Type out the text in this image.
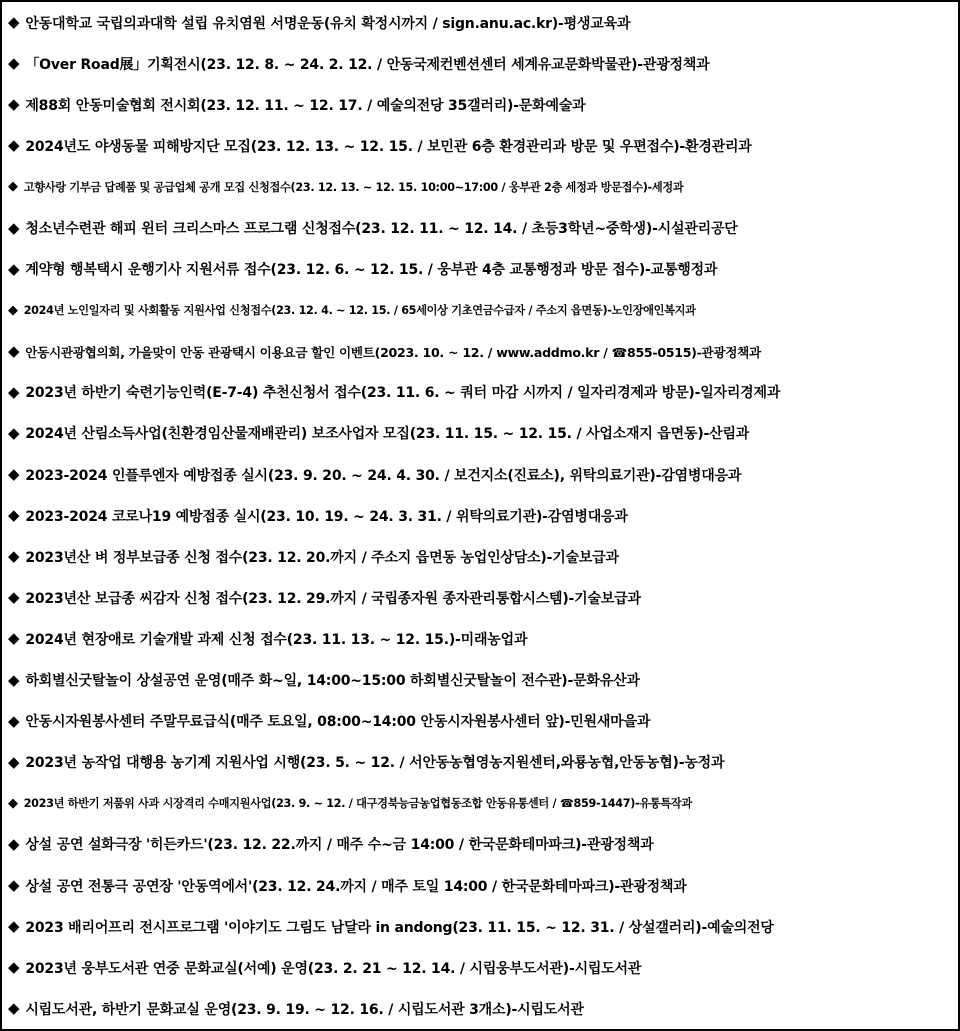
◆ 안동대학교 국립의과대학 설립 유치염원 서명운동(유치 확정시까지 / sign.anu.ac.kr)-평생교육과
◆ 「Over Road展」기획전시(23. 12. 8. ~ 24. 2. 12. / 안동국제컨벤션센터 세계유교문화박물관)-관광정책과
◆ 제88회 안동미술협회 전시회(23. 12. 11. ~ 12. 17. / 예술의전당 35갤러리)-문화예술과
◆ 2024년도 야생동물 피해방지단 모집(23. 12. 13. ~ 12. 15. / 보민관 6층 환경관리과 방문 및 우편접수)-환경관리과
◆ 고향사랑 기부금 답례품 및 공급업체 공개 모집 신청접수(23. 12. 13. ~ 12. 15. 10:00~17:00 / 웅부관 2층 세정과 방문접수)-세정과
◆ 청소년수련관 해피 윈터 크리스마스 프로그램 신청접수(23. 12. 11. ~ 12. 14. / 초등3학년~중학생)-시설관리공단
◆ 계약형 행복택시 운행기사 지원서류 접수(23. 12. 6. ~ 12. 15. / 웅부관 4층 교통행정과 방문 접수)-교통행정과
◆ 2024년 노인일자리 및 사회활동 지원사업 신청접수(23. 12. 4. ~ 12. 15. / 65세이상 기초연금수급자 / 주소지 읍면동)-노인장애인복지과
◆ 안동시관광협의회, 가을맞이 안동 관광택시 이용요금 할인 이벤트(2023. 10. ~ 12. / www.addmo.kr / ☎855-0515)-관광정책과
◆ 2023년 하반기 숙련기능인력(E-7-4) 추천신청서 접수(23. 11. 6. ~ 쿼터 마감 시까지 / 일자리경제과 방문)-일자리경제과
◆ 2024년 산림소득사업(친환경임산물재배관리) 보조사업자 모집(23. 11. 15. ~ 12. 15. / 사업소재지 읍면동)-산림과
◆ 2023-2024 인플루엔자 예방접종 실시(23. 9. 20. ~ 24. 4. 30. / 보건지소(진료소), 위탁의료기관)-감염병대응과
◆ 2023-2024 코로나19 예방접종 실시(23. 10. 19. ~ 24. 3. 31. / 위탁의료기관)-감염병대응과
◆ 2023년산 벼 정부보급종 신청 접수(23. 12. 20.까지 / 주소지 읍면동 농업인상담소)-기술보급과
◆ 2023년산 보급종 씨감자 신청 접수(23. 12. 29.까지 / 국립종자원 종자관리통합시스템)-기술보급과
◆ 2024년 현장애로 기술개발 과제 신청 접수(23. 11. 13. ~ 12. 15.)-미래농업과
◆ 하회별신굿탈놀이 상설공연 운영(매주 화~일, 14:00~15:00 하회별신굿탈놀이 전수관)-문화유산과
◆ 안동시자원봉사센터 주말무료급식(매주 토요일, 08:00~14:00 안동시자원봉사센터 앞)-민원새마을과
◆ 2023년 농작업 대행용 농기계 지원사업 시행(23. 5. ~ 12. / 서안동농협영농지원센터,와룡농협,안동농협)-농정과
◆ 2023년 하반기 저품위 사과 시장격리 수매지원사업(23. 9. ~ 12. / 대구경북능금농업협동조합 안동유통센터 / ☎859-1447)-유통특작과
◆ 상설 공연 설화극장 '히든카드'(23. 12. 22.까지 / 매주 수~금 14:00 / 한국문화테마파크)-관광정책과
◆ 상설 공연 전통극 공연장 '안동역에서'(23. 12. 24.까지 / 매주 토일 14:00 / 한국문화테마파크)-관광정책과
◆ 2023 배리어프리 전시프로그램 '이야기도 그림도 남달라 in andong(23. 11. 15. ~ 12. 31. / 상설갤러리)-예술의전당
◆ 2023년 웅부도서관 연중 문화교실(서예) 운영(23. 2. 21 ~ 12. 14. / 시립웅부도서관)-시립도서관
◆ 시립도서관, 하반기 문화교실 운영(23. 9. 19. ~ 12. 16. / 시립도서관 3개소)-시립도서관
